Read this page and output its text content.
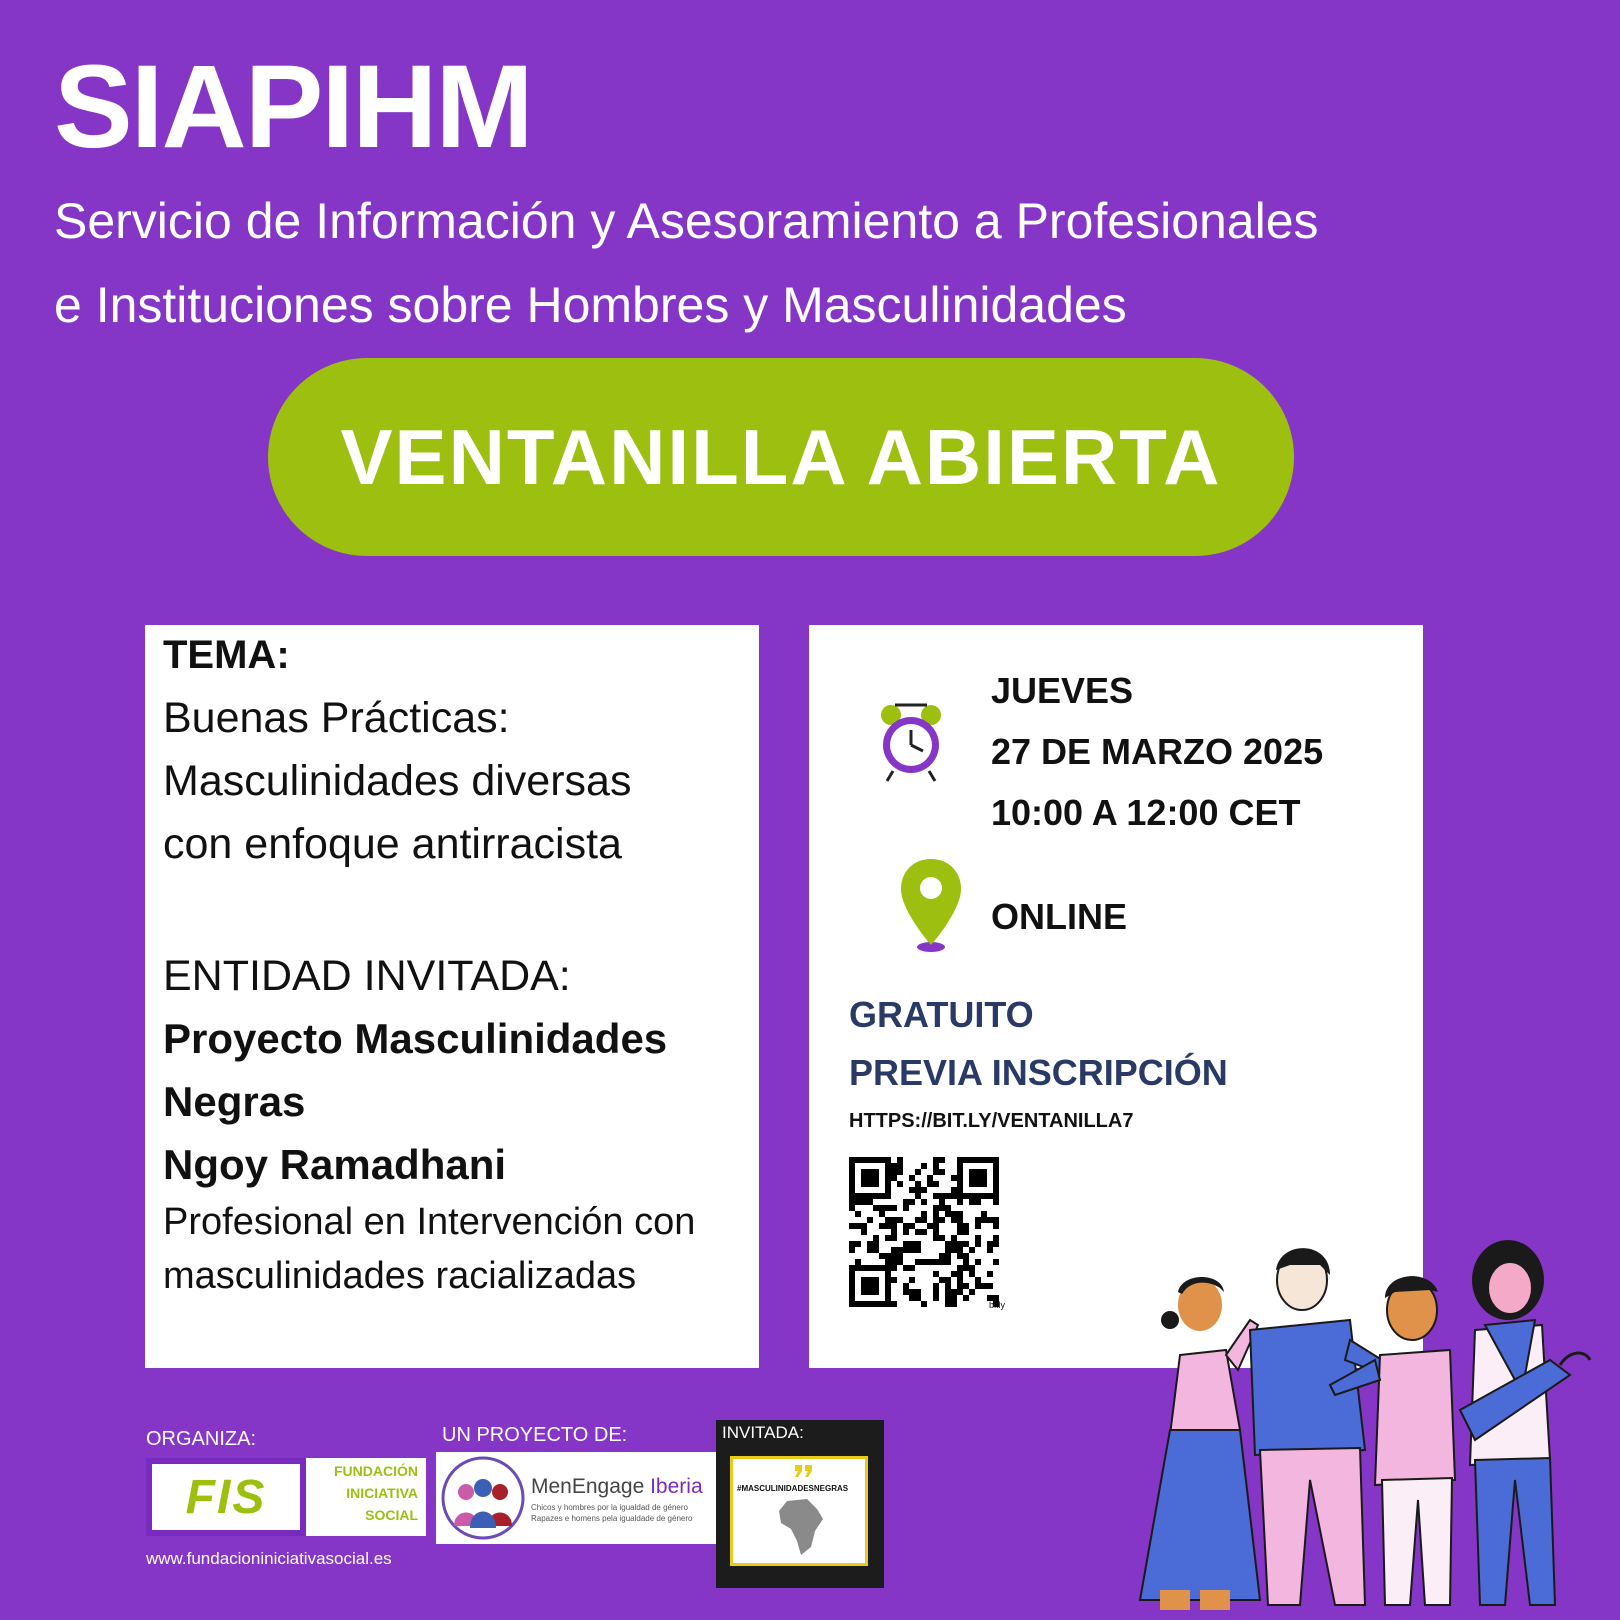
SIAPIHM
Servicio de Información y Asesoramiento a Profesionales
e Instituciones sobre Hombres y Masculinidades
VENTANILLA ABIERTA
TEMA:
Buenas Prácticas:
Masculinidades diversas
con enfoque antirracista
ENTIDAD INVITADA:
Proyecto Masculinidades
Negras
Ngoy Ramadhani
Profesional en Intervención con
masculinidades racializadas
JUEVES
27 DE MARZO 2025
10:00 A 12:00 CET
ONLINE
GRATUITO
PREVIA INSCRIPCIÓN
HTTPS://BIT.LY/VENTANILLA7
bitly
ORGANIZA:
FIS	FUNDACIÓN
INICIATIVA
SOCIAL
www.fundacioniniciativasocial.es
UN PROYECTO DE:
MenEngage Iberia
Chicos y hombres por la igualdad de género
Rapazes e homens pela igualdade de género
INVITADA:
#MASCULINIDADESNEGRAS
